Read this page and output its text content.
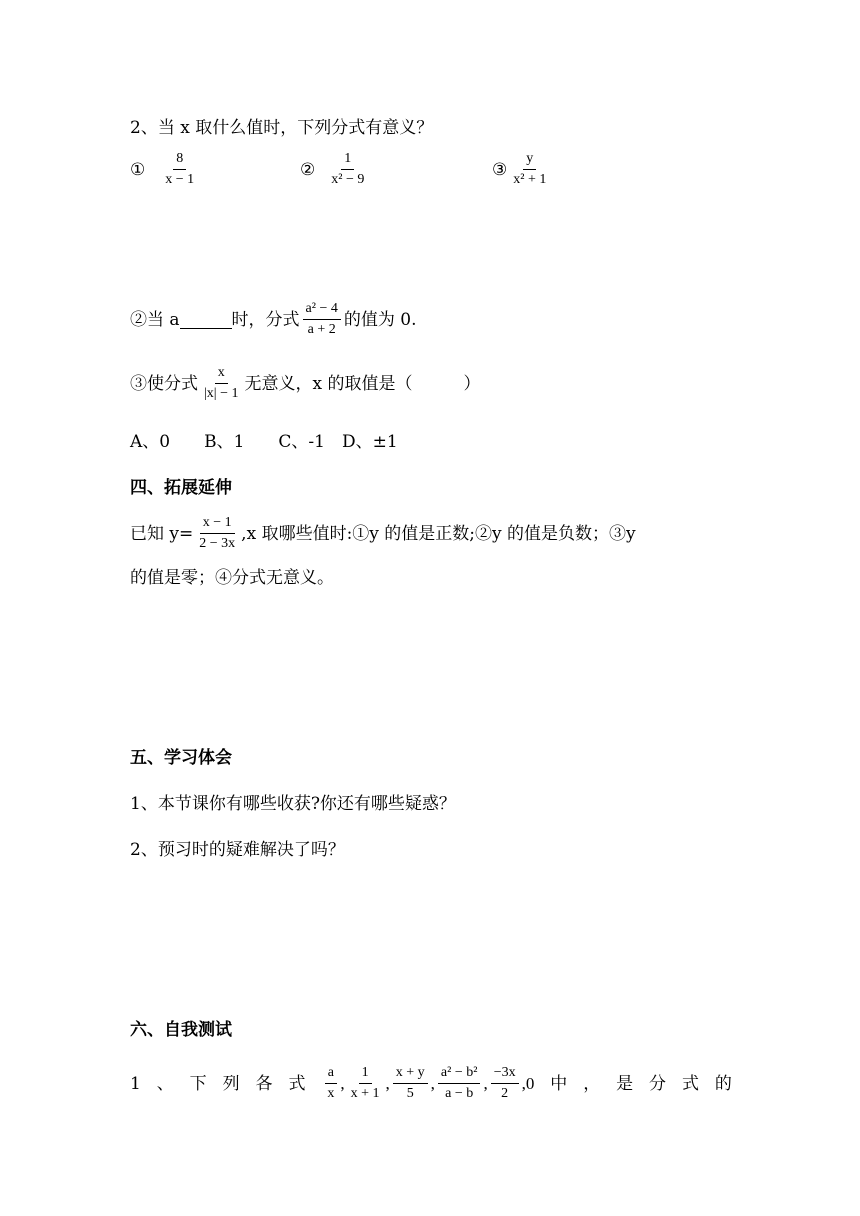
2、当 x 取什么值时，下列分式有意义？
① $\frac{8}{x - 1}$	② $\frac{1}{\text{x² − 9}}$	③ $\frac{y}{\text{x² + 1}}$
②当 a	时，分式 $\frac{\text{a² − 4}}{a + 2}$ 的值为 0.
③使分式 $\frac{x}{|x| - 1}$ 无意义，x 的取值是（　　　）
A、0　　B、1　　C、-1　D、±1
四、拓展延伸
已知 $y= \frac{x - 1}{2 - 3x} ,x$ 取哪些值时:①y 的值是正数;②y 的值是负数；③y
的值是零；④分式无意义。
五、学习体会
1、本节课你有哪些收获?你还有哪些疑惑？
2、预习时的疑难解决了吗？
六、自我测试
1 、 下 列 各 式 $\frac{a}{x}$ , $\frac{1}{x + 1}$ , $\frac{x + y}{5}$ , $\frac{\text{a² − b²}}{a - b}$ , $\frac{-3x}{2} ,0$ 中 ， 是 分 式 的
